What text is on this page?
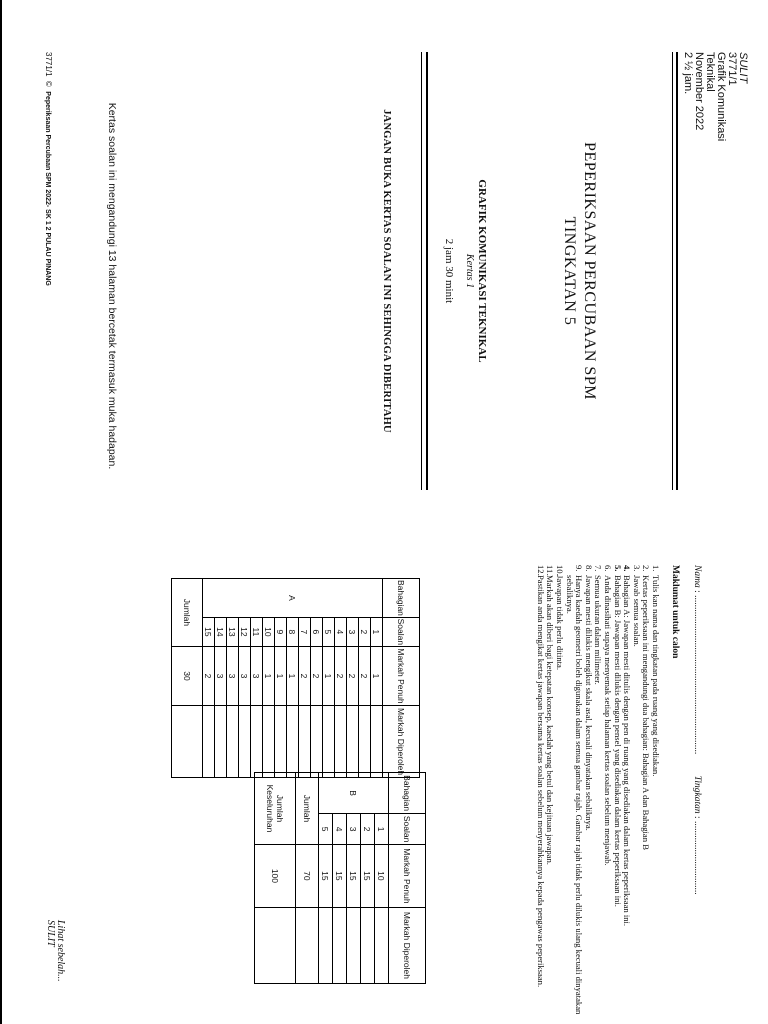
SULIT
3771/1
Grafik Komunikasi
Teknikal
November 2022
2 ½ jam.
PEPERIKSAAN PERCUBAAN SPM
TINGKATAN 5
GRAFIK KOMUNIKASI TEKNIKAL
Kertas 1
2 jam 30 minit
JANGAN BUKA KERTAS SOALAN INI SEHINGGA DIBERITAHU
Kertas soalan ini mengandungi 13 halaman bercetak termasuk muka hadapan.
3771/1  ©  Peperiksaan Percubaan SPM 2022- SK 1 2 PULAU PINANG
Nama : ...................................................................         Tingkatan : ...............................
Maklumat untuk calon
1.
Tulis kan nama dan tingkatan pada ruang yang disediakan.
2.
Kertas peperiksaan ini mengandungi dua bahagian: Bahagian A dan Bahagian B
3.
Jawab semua soalan.
4.
Bahagian A: Jawapan mesti ditulis dengan pen di ruang yang disediakan dalam kertas peperiksaan ini.
5.
Bahagian B: Jawapan mesti dilukis dengan pensel yang disediakan dalam kertas peperiksaan ini.
6.
Anda dinasihati supaya menyemak setiap halaman kertas soalan sebelum menjawab.
7.
Semua ukuran dalam milimeter.
8.
Jawapan mesti dilukis mengikut skala asal, kecuali dinyatakan sebaliknya.
9.
Hanya kaedah geometri boleh digunakan dalam semua gambar rajah. Gambar rajah tidak perlu dilukis ulang kecuali dinyatakan sebaliknya.
10.
Jawapan tidak perlu ditinta.
11.
Markah akan diberi bagi ketepatan konsep, kaedah yang betul dan kejituan jawapan.
12.
Pastikan anda mengikat kertas jawapan bersama kertas soalan sebelum menyerahkannya kepada pengawas peperiksaan.
Bahagian	Soalan	Markah Penuh	Markah Diperoleh
A	1	1	
	2	2	
	3	2	
	4	2	
	5	1	
	6	2	
	7	2	
	8	1	
	9	1	
	10	1	
	11	3	
	12	3	
	13	3	
	14	3	
	15	2	
Jumlah		30	
Bahagian	Soalan	Markah Penuh	Markah Diperoleh
B	1	10	
	2	15	
	3	15	
	4	15	
	5	15	
Jumlah		70	
Jumlah
Keseluruhan		100	
Lihat sebelah...
SULIT
